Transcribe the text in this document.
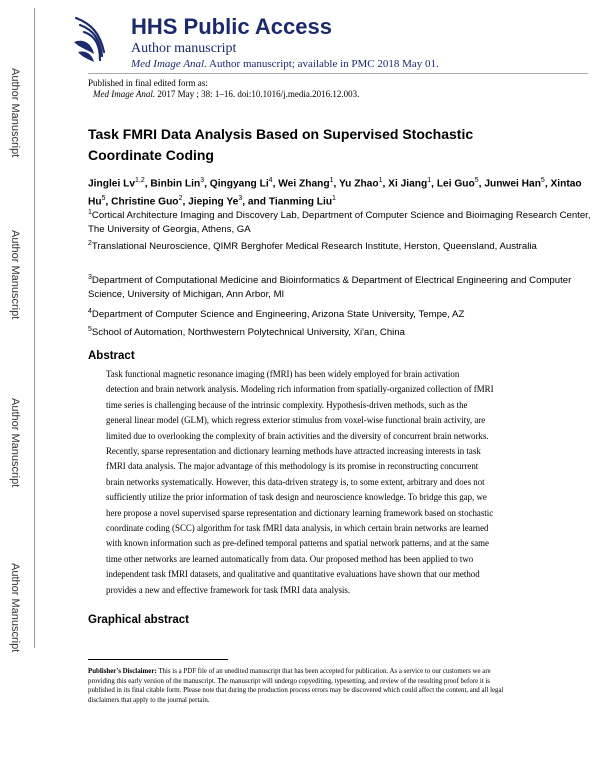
Author Manuscript
Author Manuscript
Author Manuscript
Author Manuscript
HHS Public Access
Author manuscript
Med Image Anal. Author manuscript; available in PMC 2018 May 01.
Published in final edited form as:
Med Image Anal. 2017 May ; 38: 1–16. doi:10.1016/j.media.2016.12.003.
Task FMRI Data Analysis Based on Supervised Stochastic Coordinate Coding
Jinglei Lv$^{1,2}$, Binbin Lin$^3$, Qingyang Li$^4$, Wei Zhang$^1$, Yu Zhao$^1$, Xi Jiang$^1$, Lei Guo$^5$, Junwei Han$^5$, Xintao Hu$^5$, Christine Guo$^2$, Jieping Ye$^3$, and Tianming Liu$^1$
$^1$Cortical Architecture Imaging and Discovery Lab, Department of Computer Science and Bioimaging Research Center, The University of Georgia, Athens, GA
$^2$Translational Neuroscience, QIMR Berghofer Medical Research Institute, Herston, Queensland, Australia
$^3$Department of Computational Medicine and Bioinformatics & Department of Electrical Engineering and Computer Science, University of Michigan, Ann Arbor, MI
$^4$Department of Computer Science and Engineering, Arizona State University, Tempe, AZ
$^5$School of Automation, Northwestern Polytechnical University, Xi'an, China
Abstract
Task functional magnetic resonance imaging (fMRI) has been widely employed for brain activation detection and brain network analysis. Modeling rich information from spatially-organized collection of fMRI time series is challenging because of the intrinsic complexity. Hypothesis-driven methods, such as the general linear model (GLM), which regress exterior stimulus from voxel-wise functional brain activity, are limited due to overlooking the complexity of brain activities and the diversity of concurrent brain networks. Recently, sparse representation and dictionary learning methods have attracted increasing interests in task fMRI data analysis. The major advantage of this methodology is its promise in reconstructing concurrent brain networks systematically. However, this data-driven strategy is, to some extent, arbitrary and does not sufficiently utilize the prior information of task design and neuroscience knowledge. To bridge this gap, we here propose a novel supervised sparse representation and dictionary learning framework based on stochastic coordinate coding (SCC) algorithm for task fMRI data analysis, in which certain brain networks are learned with known information such as pre-defined temporal patterns and spatial network patterns, and at the same time other networks are learned automatically from data. Our proposed method has been applied to two independent task fMRI datasets, and qualitative and quantitative evaluations have shown that our method provides a new and effective framework for task fMRI data analysis.
Graphical abstract
Publisher's Disclaimer: This is a PDF file of an unedited manuscript that has been accepted for publication. As a service to our customers we are providing this early version of the manuscript. The manuscript will undergo copyediting, typesetting, and review of the resulting proof before it is published in its final citable form. Please note that during the production process errors may be discovered which could affect the content, and all legal disclaimers that apply to the journal pertain.
